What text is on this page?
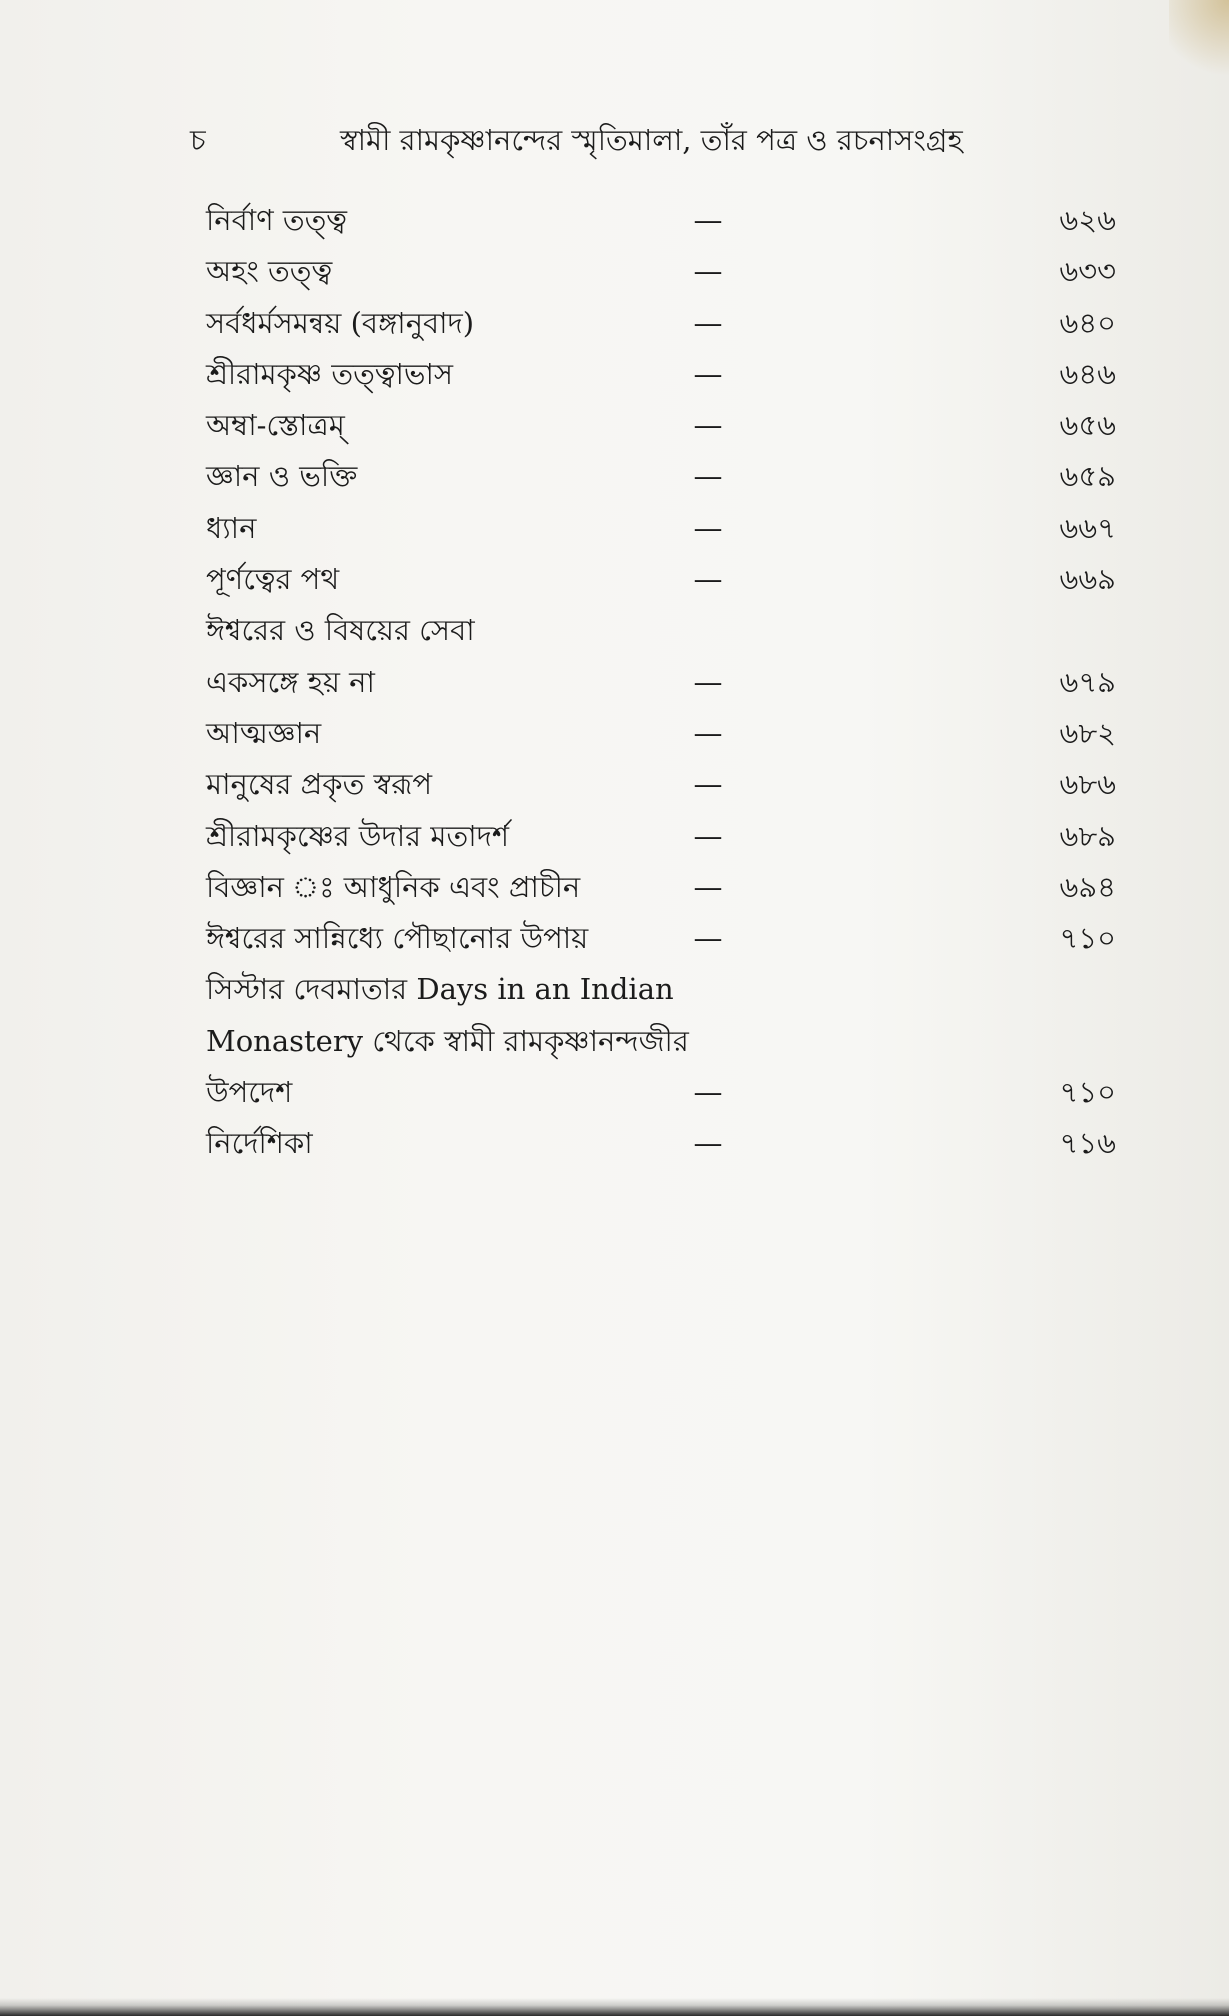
চ	স্বামী রামকৃষ্ণানন্দের স্মৃতিমালা, তাঁর পত্র ও রচনাসংগ্রহ
নির্বাণ তত্ত্ব	—	৬২৬
অহং তত্ত্ব	—	৬৩৩
সর্বধর্মসমন্বয় (বঙ্গানুবাদ)	—	৬৪০
শ্রীরামকৃষ্ণ তত্ত্বাভাস	—	৬৪৬
অম্বা-স্তোত্রম্	—	৬৫৬
জ্ঞান ও ভক্তি	—	৬৫৯
ধ্যান	—	৬৬৭
পূর্ণত্বের পথ	—	৬৬৯
ঈশ্বরের ও বিষয়ের সেবা
একসঙ্গে হয় না	—	৬৭৯
আত্মজ্ঞান	—	৬৮২
মানুষের প্রকৃত স্বরূপ	—	৬৮৬
শ্রীরামকৃষ্ণের উদার মতাদর্শ	—	৬৮৯
বিজ্ঞান ঃ আধুনিক এবং প্রাচীন	—	৬৯৪
ঈশ্বরের সান্নিধ্যে পৌছানোর উপায়	—	৭১০
সিস্টার দেবমাতার Days in an Indian
Monastery থেকে স্বামী রামকৃষ্ণানন্দজীর
উপদেশ	—	৭১০
নির্দেশিকা	—	৭১৬
